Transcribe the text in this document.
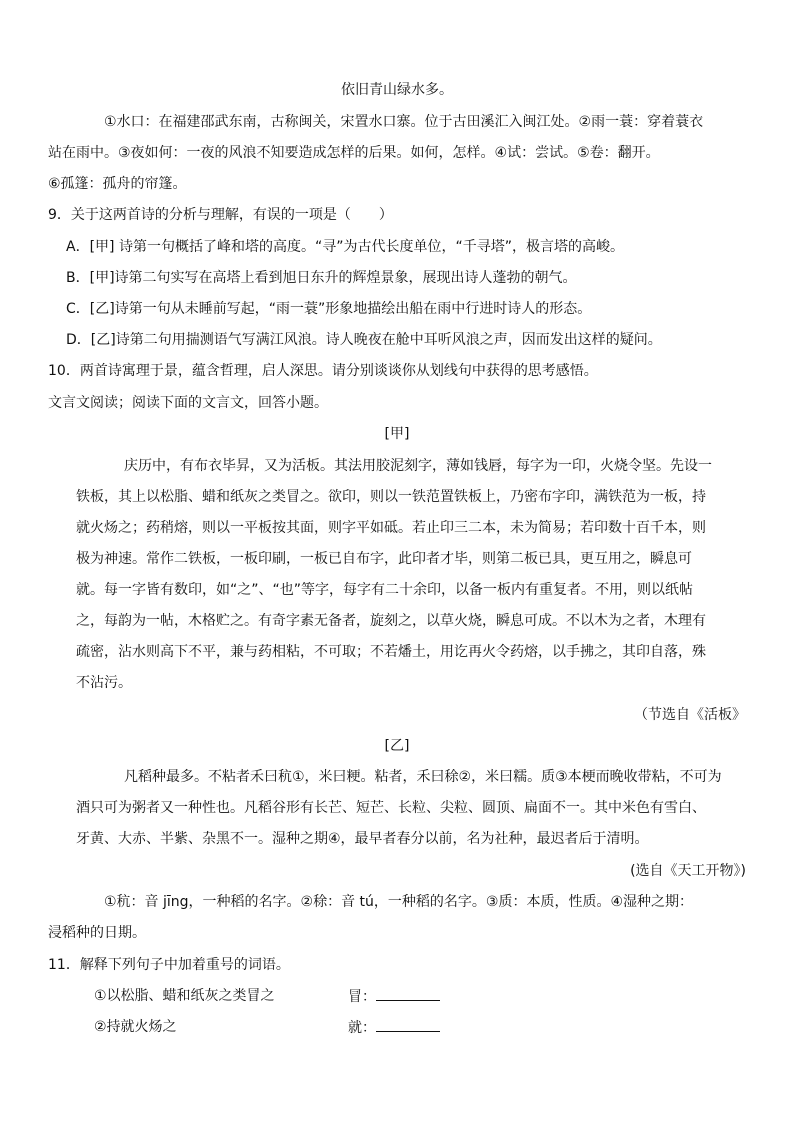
依旧青山绿水多。
①水口：在福建邵武东南，古称闽关，宋置水口寨。位于古田溪汇入闽江处。②雨一蓑：穿着蓑衣
站在雨中。③夜如何：一夜的风浪不知要造成怎样的后果。如何，怎样。④试：尝试。⑤卷：翻开。
⑥孤篷：孤舟的帘篷。
9．关于这两首诗的分析与理解，有误的一项是（　　）
A．[甲] 诗第一句概括了峰和塔的高度。“寻”为古代长度单位，“千寻塔”，极言塔的高峻。
B．[甲]诗第二句实写在高塔上看到旭日东升的辉煌景象，展现出诗人蓬勃的朝气。
C．[乙]诗第一句从未睡前写起，“雨一蓑”形象地描绘出船在雨中行进时诗人的形态。
D．[乙]诗第二句用揣测语气写满江风浪。诗人晚夜在舱中耳听风浪之声，因而发出这样的疑问。
10．两首诗寓理于景，蕴含哲理，启人深思。请分别谈谈你从划线句中获得的思考感悟。
文言文阅读；阅读下面的文言文，回答小题。
[甲]
庆历中，有布衣毕昇，又为活板。其法用胶泥刻字，薄如钱唇，每字为一印，火烧令坚。先设一
铁板，其上以松脂、蜡和纸灰之类冒之。欲印，则以一铁范置铁板上，乃密布字印，满铁范为一板，持
就火炀之；药稍熔，则以一平板按其面，则字平如砥。若止印三二本，未为简易；若印数十百千本，则
极为神速。常作二铁板，一板印刷，一板已自布字，此印者才毕，则第二板已具，更互用之，瞬息可
就。每一字皆有数印，如“之”、“也”等字，每字有二十余印，以备一板内有重复者。不用，则以纸帖
之，每韵为一帖，木格贮之。有奇字素无备者，旋刻之，以草火烧，瞬息可成。不以木为之者，木理有
疏密，沾水则高下不平，兼与药相粘，不可取；不若燔土，用讫再火令药熔，以手拂之，其印自落，殊
不沾污。
（节选自《活板》
[乙]
凡稻种最多。不粘者禾曰秔①，米曰粳。粘者，禾曰稌②，米曰糯。质③本梗而晚收带粘，不可为
酒只可为粥者又一种性也。凡稻谷形有长芒、短芒、长粒、尖粒、圆顶、扁面不一。其中米色有雪白、
牙黄、大赤、半紫、杂黑不一。湿种之期④，最早者春分以前，名为社种，最迟者后于清明。
(选自《天工开物》)
①秔：音 jīng，一种稻的名字。②稌：音 tú，一种稻的名字。③质：本质，性质。④湿种之期：
浸稻种的日期。
11．解释下列句子中加着重号的词语。
①以松脂、蜡和纸灰之类冒之	冒：
②持就火炀之	就：
